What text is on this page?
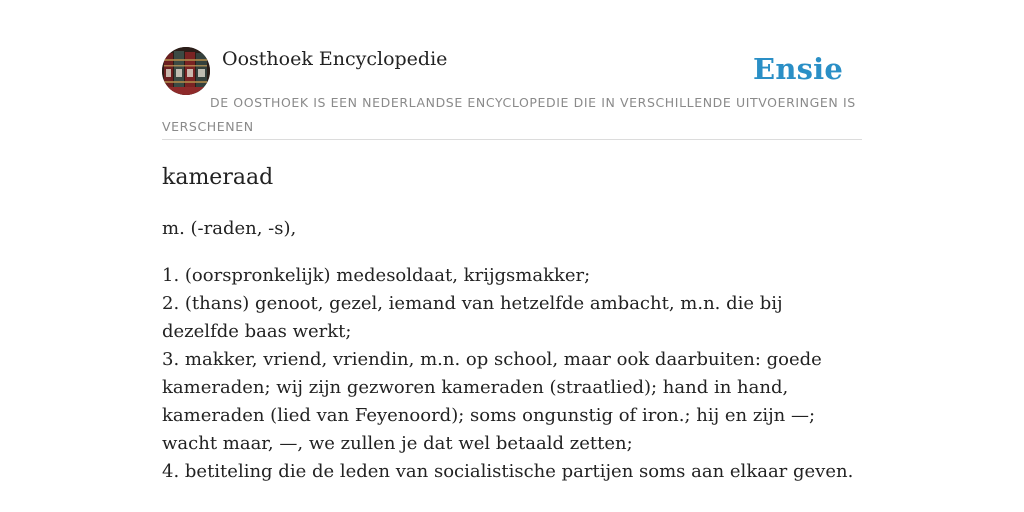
Oosthoek Encyclopedie	Ensie
DE OOSTHOEK IS EEN NEDERLANDSE ENCYCLOPEDIE DIE IN VERSCHILLENDE UITVOERINGEN IS VERSCHENEN
kameraad

m. (-raden, -s),

1. (oorspronkelijk) medesoldaat, krijgsmakker;

2. (thans) genoot, gezel, iemand van hetzelfde ambacht, m.n. die bij dezelfde baas werkt;

3. makker, vriend, vriendin, m.n. op school, maar ook daarbuiten: goede kameraden; wij zijn gezworen kameraden (straatlied); hand in hand, kameraden (lied van Feyenoord); soms ongunstig of iron.; hij en zijn —; wacht maar, —, we zullen je dat wel betaald zetten;

4. betiteling die de leden van socialistische partijen soms aan elkaar geven.
